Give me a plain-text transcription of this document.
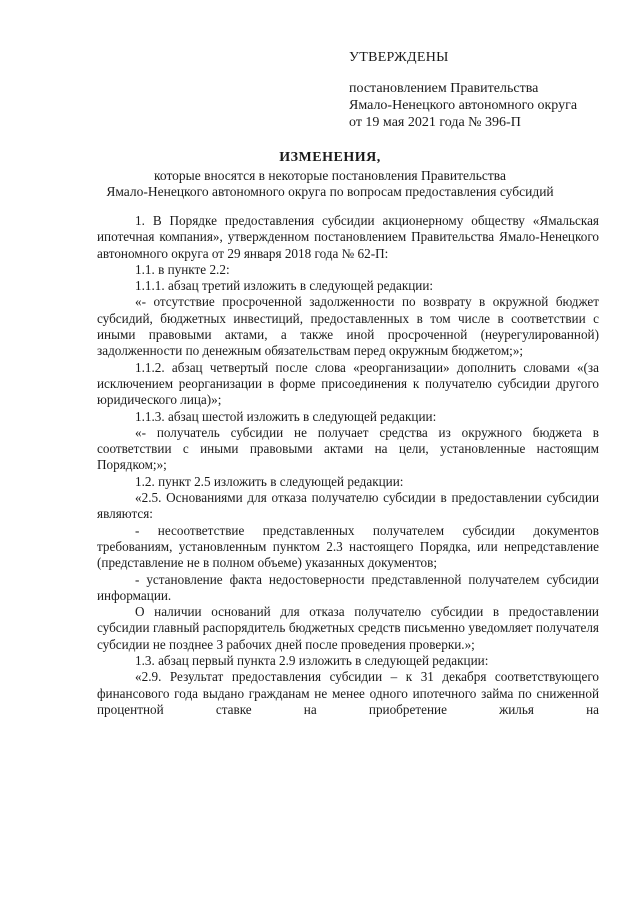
УТВЕРЖДЕНЫ
постановлением Правительства
Ямало-Ненецкого автономного округа
от 19 мая 2021 года № 396-П
ИЗМЕНЕНИЯ,
которые вносятся в некоторые постановления Правительства
Ямало-Ненецкого автономного округа по вопросам предоставления субсидий

1. В Порядке предоставления субсидии акционерному обществу «Ямальская ипотечная компания», утвержденном постановлением Правительства Ямало-Ненецкого автономного округа от 29 января 2018 года № 62-П:

1.1. в пункте 2.2:

1.1.1. абзац третий изложить в следующей редакции:

«- отсутствие просроченной задолженности по возврату в окружной бюджет субсидий, бюджетных инвестиций, предоставленных в том числе в соответствии с иными правовыми актами, а также иной просроченной (неурегулированной) задолженности по денежным обязательствам перед окружным бюджетом;»;

1.1.2. абзац четвертый после слова «реорганизации» дополнить словами «(за исключением реорганизации в форме присоединения к получателю субсидии другого юридического лица)»;

1.1.3. абзац шестой изложить в следующей редакции:

«- получатель субсидии не получает средства из окружного бюджета в соответствии с иными правовыми актами на цели, установленные настоящим Порядком;»;

1.2. пункт 2.5 изложить в следующей редакции:

«2.5. Основаниями для отказа получателю субсидии в предоставлении субсидии являются:

- несоответствие представленных получателем субсидии документов требованиям, установленным пунктом 2.3 настоящего Порядка, или непредставление (представление не в полном объеме) указанных документов;

- установление факта недостоверности представленной получателем субсидии информации.

О наличии оснований для отказа получателю субсидии в предоставлении субсидии главный распорядитель бюджетных средств письменно уведомляет получателя субсидии не позднее 3 рабочих дней после проведения проверки.»;

1.3. абзац первый пункта 2.9 изложить в следующей редакции:

«2.9. Результат предоставления субсидии – к 31 декабря соответствующего финансового года выдано гражданам не менее одного ипотечного займа по сниженной процентной ставке на приобретение жилья на
